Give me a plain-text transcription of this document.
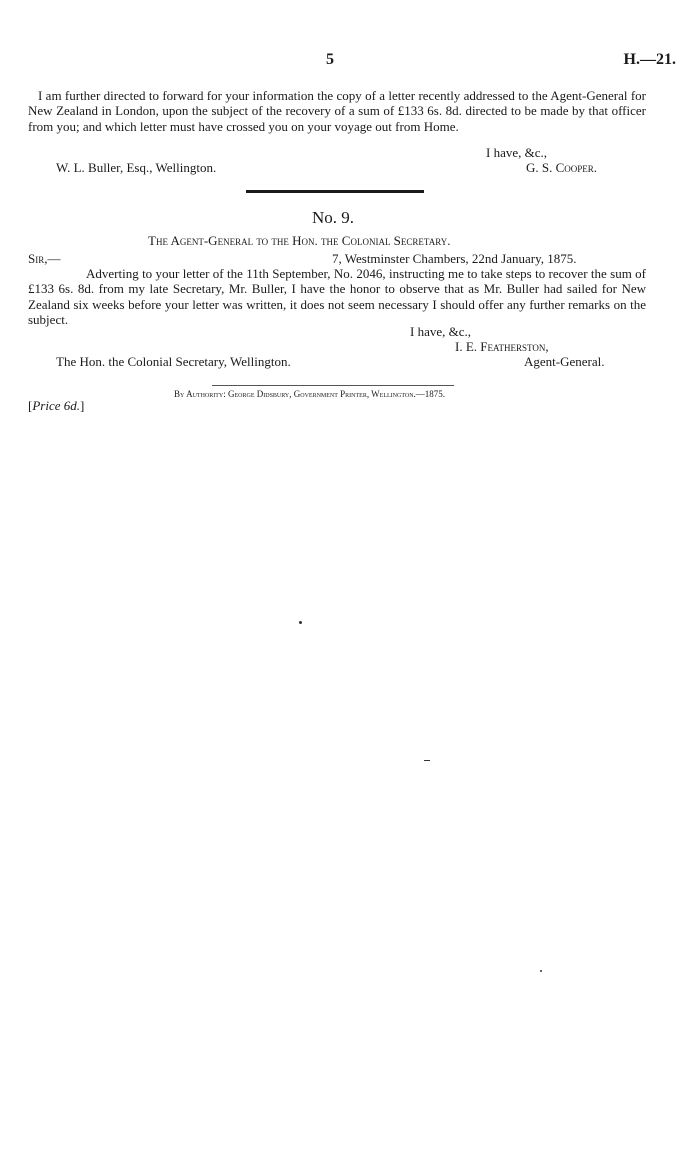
5	H.—21.

I am further directed to forward for your information the copy of a letter recently addressed to the Agent-General for New Zealand in London, upon the subject of the recovery of a sum of £133 6s. 8d. directed to be made by that officer from you; and which letter must have crossed you on your voyage out from Home.

I have, &c.,
W. L. Buller, Esq., Wellington.	G. S. Cooper.
No. 9.
The Agent-General to the Hon. the Colonial Secretary.
Sir,—	7, Westminster Chambers, 22nd January, 1875.

Adverting to your letter of the 11th September, No. 2046, instructing me to take steps to recover the sum of £133 6s. 8d. from my late Secretary, Mr. Buller, I have the honor to observe that as Mr. Buller had sailed for New Zealand six weeks before your letter was written, it does not seem necessary I should offer any further remarks on the subject.

I have, &c.,
I. E. Featherston,
The Hon. the Colonial Secretary, Wellington.	Agent-General.
By Authority: George Didsbury, Government Printer, Wellington.—1875.
[Price 6d.]
